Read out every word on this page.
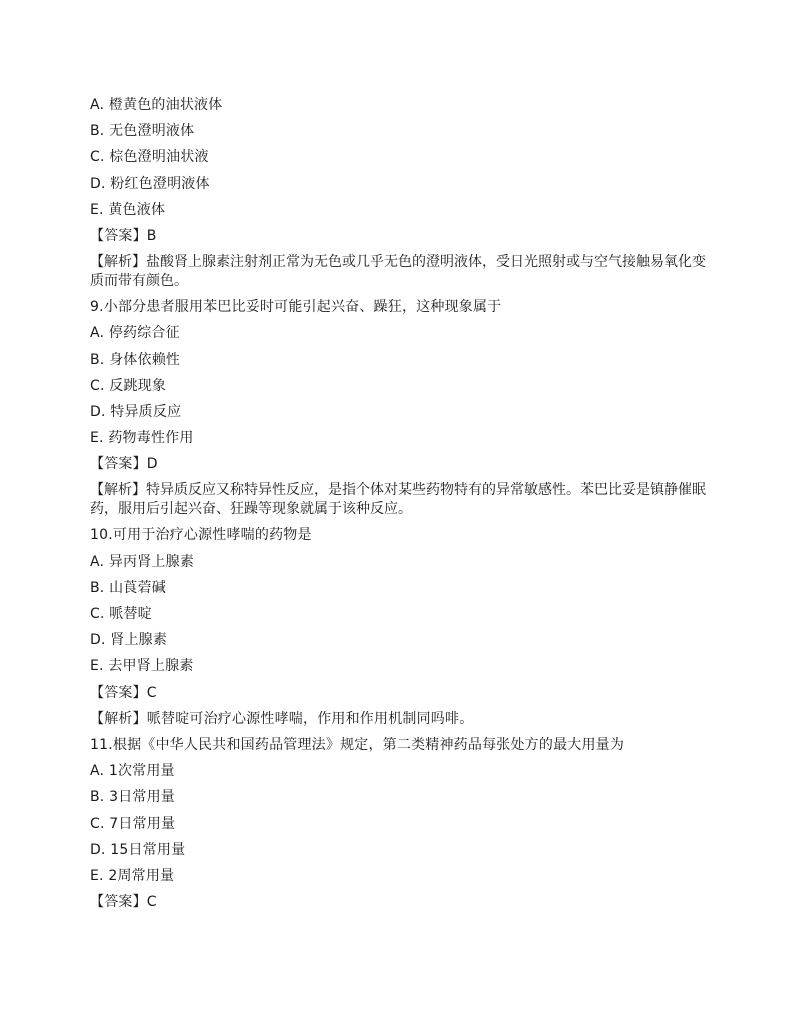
A. 橙黄色的油状液体
B. 无色澄明液体
C. 棕色澄明油状液
D. 粉红色澄明液体
E. 黄色液体
【答案】B
【解析】盐酸肾上腺素注射剂正常为无色或几乎无色的澄明液体，受日光照射或与空气接触易氧化变质而带有颜色。
9.小部分患者服用苯巴比妥时可能引起兴奋、躁狂，这种现象属于
A. 停药综合征
B. 身体依赖性
C. 反跳现象
D. 特异质反应
E. 药物毒性作用
【答案】D
【解析】特异质反应又称特异性反应，是指个体对某些药物特有的异常敏感性。苯巴比妥是镇静催眠药，服用后引起兴奋、狂躁等现象就属于该种反应。
10.可用于治疗心源性哮喘的药物是
A. 异丙肾上腺素
B. 山莨菪碱
C. 哌替啶
D. 肾上腺素
E. 去甲肾上腺素
【答案】C
【解析】哌替啶可治疗心源性哮喘，作用和作用机制同吗啡。
11.根据《中华人民共和国药品管理法》规定，第二类精神药品每张处方的最大用量为
A. 1次常用量
B. 3日常用量
C. 7日常用量
D. 15日常用量
E. 2周常用量
【答案】C
